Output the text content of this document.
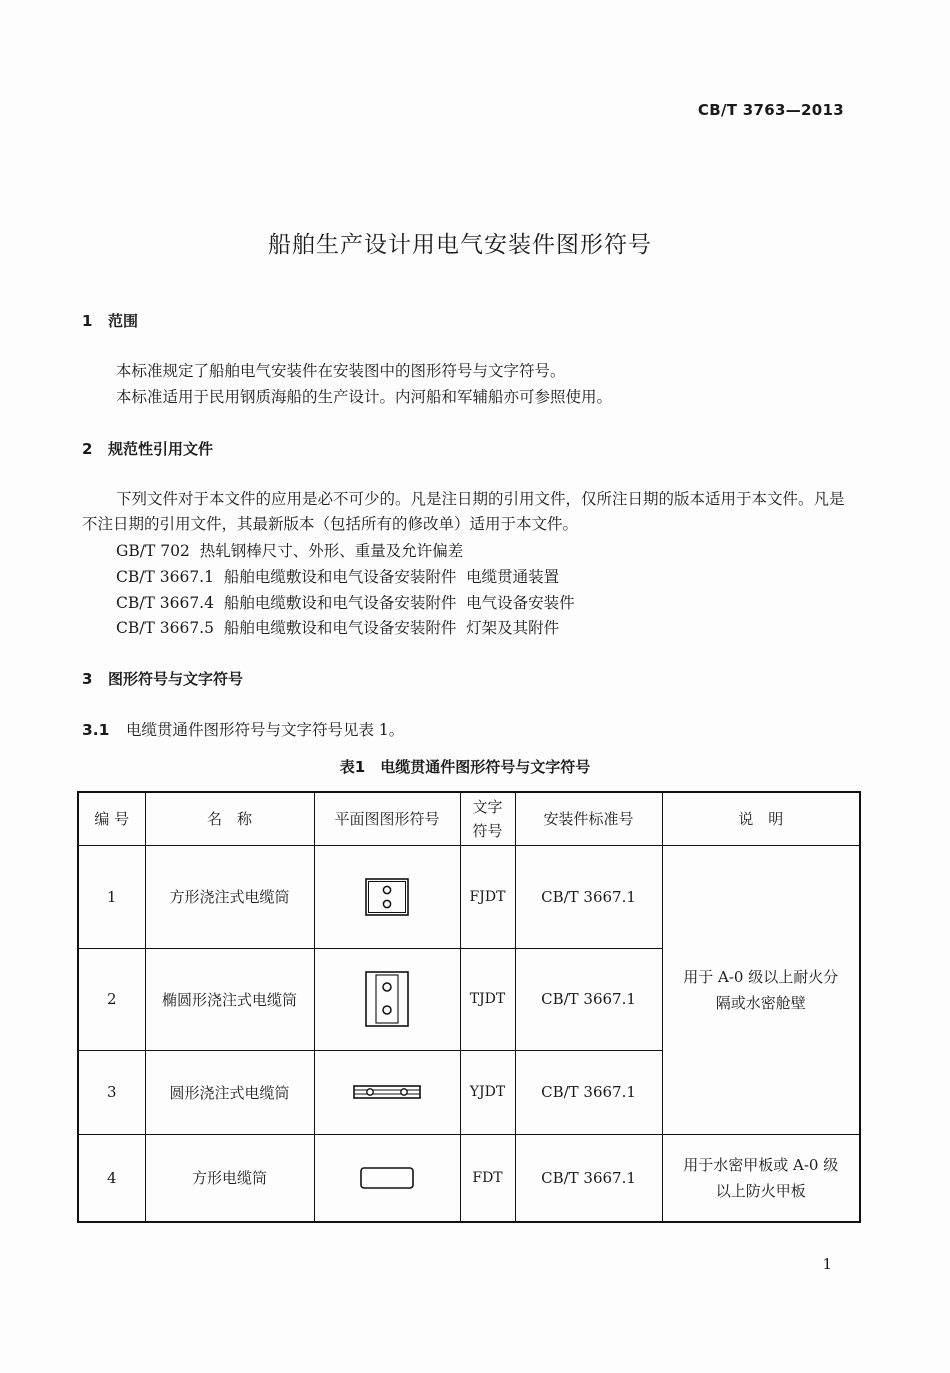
CB/T 3763—2013
船舶生产设计用电气安装件图形符号
1 范围
本标准规定了船舶电气安装件在安装图中的图形符号与文字符号。
本标准适用于民用钢质海船的生产设计。内河船和军辅船亦可参照使用。
2 规范性引用文件
下列文件对于本文件的应用是必不可少的。凡是注日期的引用文件，仅所注日期的版本适用于本文件。凡是不注日期的引用文件，其最新版本（包括所有的修改单）适用于本文件。
GB/T 702  热轧钢棒尺寸、外形、重量及允许偏差
CB/T 3667.1  船舶电缆敷设和电气设备安装附件  电缆贯通装置
CB/T 3667.4  船舶电缆敷设和电气设备安装附件  电气设备安装件
CB/T 3667.5  船舶电缆敷设和电气设备安装附件  灯架及其附件
3 图形符号与文字符号
3.1 电缆贯通件图形符号与文字符号见表 1。
表1　电缆贯通件图形符号与文字符号
编 号	名　称	平面图图形符号	文字
符号	安装件标准号	说　明
1	方形浇注式电缆筒		FJDT	CB/T 3667.1	用于 A-0 级以上耐火分
隔或水密舱壁

2	椭圆形浇注式电缆筒		TJDT	CB/T 3667.1	
3	圆形浇注式电缆筒		YJDT	CB/T 3667.1	
4	方形电缆筒		FDT	CB/T 3667.1	用于水密甲板或 A-0 级
以上防火甲板
1
